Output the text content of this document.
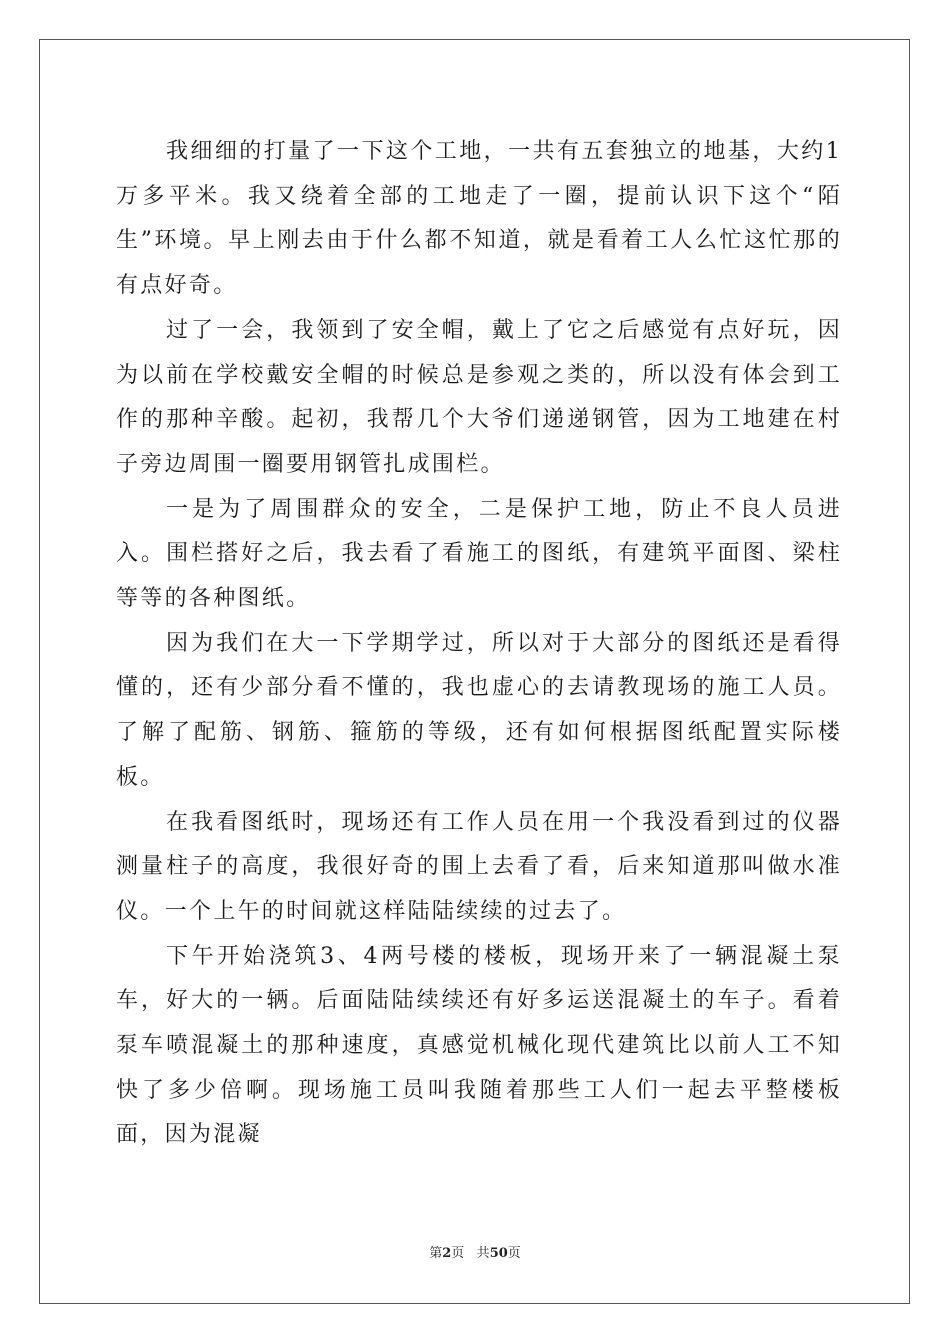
我细细的打量了一下这个工地，一共有五套独立的地基，大约1万多平米。我又绕着全部的工地走了一圈，提前认识下这个“陌生”环境。早上刚去由于什么都不知道，就是看着工人么忙这忙那的有点好奇。

过了一会，我领到了安全帽，戴上了它之后感觉有点好玩，因为以前在学校戴安全帽的时候总是参观之类的，所以没有体会到工作的那种辛酸。起初，我帮几个大爷们递递钢管，因为工地建在村子旁边周围一圈要用钢管扎成围栏。

一是为了周围群众的安全，二是保护工地，防止不良人员进入。围栏搭好之后，我去看了看施工的图纸，有建筑平面图、梁柱等等的各种图纸。

因为我们在大一下学期学过，所以对于大部分的图纸还是看得懂的，还有少部分看不懂的，我也虚心的去请教现场的施工人员。了解了配筋、钢筋、箍筋的等级，还有如何根据图纸配置实际楼板。

在我看图纸时，现场还有工作人员在用一个我没看到过的仪器测量柱子的高度，我很好奇的围上去看了看，后来知道那叫做水准仪。一个上午的时间就这样陆陆续续的过去了。

下午开始浇筑3、4两号楼的楼板，现场开来了一辆混凝土泵车，好大的一辆。后面陆陆续续还有好多运送混凝土的车子。看着泵车喷混凝土的那种速度，真感觉机械化现代建筑比以前人工不知快了多少倍啊。现场施工员叫我随着那些工人们一起去平整楼板面，因为混凝

第2页 共50页
